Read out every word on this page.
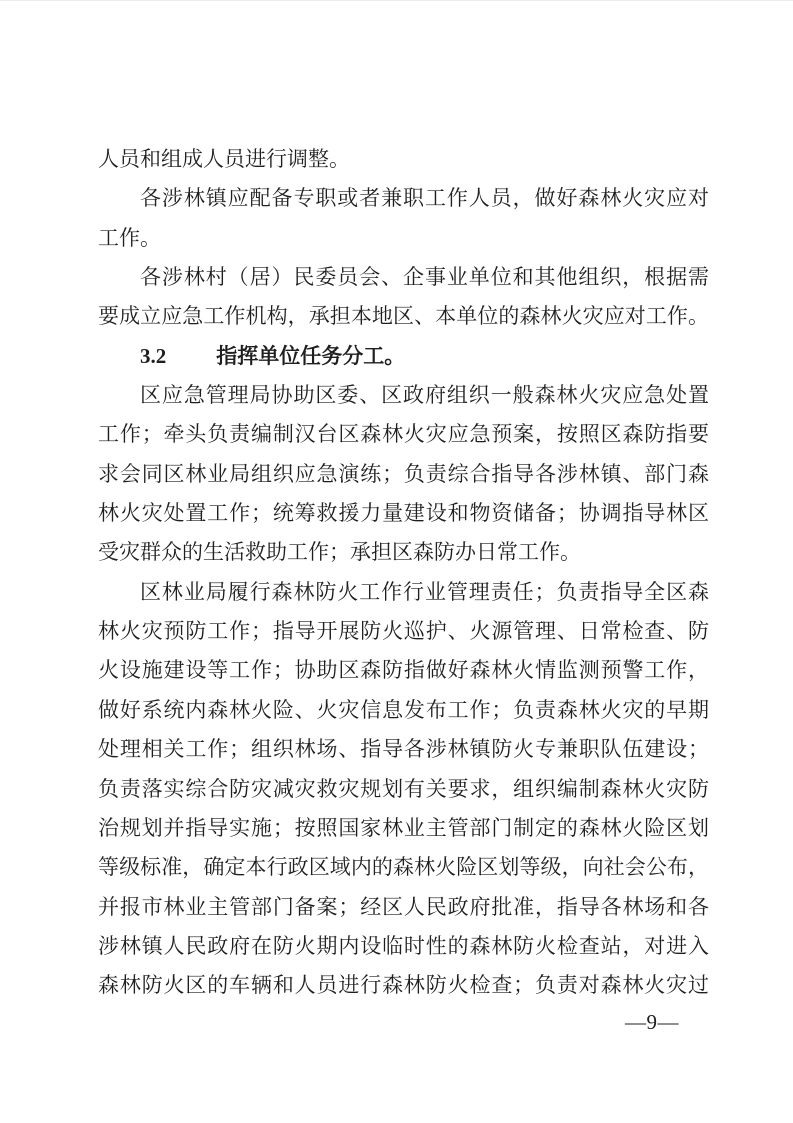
人员和组成人员进行调整。
各涉林镇应配备专职或者兼职工作人员，做好森林火灾应对
工作。
各涉林村（居）民委员会、企事业单位和其他组织，根据需
要成立应急工作机构，承担本地区、本单位的森林火灾应对工作。
3.2 指挥单位任务分工。
区应急管理局协助区委、区政府组织一般森林火灾应急处置
工作；牵头负责编制汉台区森林火灾应急预案，按照区森防指要
求会同区林业局组织应急演练；负责综合指导各涉林镇、部门森
林火灾处置工作；统筹救援力量建设和物资储备；协调指导林区
受灾群众的生活救助工作；承担区森防办日常工作。
区林业局履行森林防火工作行业管理责任；负责指导全区森
林火灾预防工作；指导开展防火巡护、火源管理、日常检查、防
火设施建设等工作；协助区森防指做好森林火情监测预警工作，
做好系统内森林火险、火灾信息发布工作；负责森林火灾的早期
处理相关工作；组织林场、指导各涉林镇防火专兼职队伍建设；
负责落实综合防灾减灾救灾规划有关要求，组织编制森林火灾防
治规划并指导实施；按照国家林业主管部门制定的森林火险区划
等级标准，确定本行政区域内的森林火险区划等级，向社会公布，
并报市林业主管部门备案；经区人民政府批准，指导各林场和各
涉林镇人民政府在防火期内设临时性的森林防火检查站，对进入
森林防火区的车辆和人员进行森林防火检查；负责对森林火灾过
—9—
